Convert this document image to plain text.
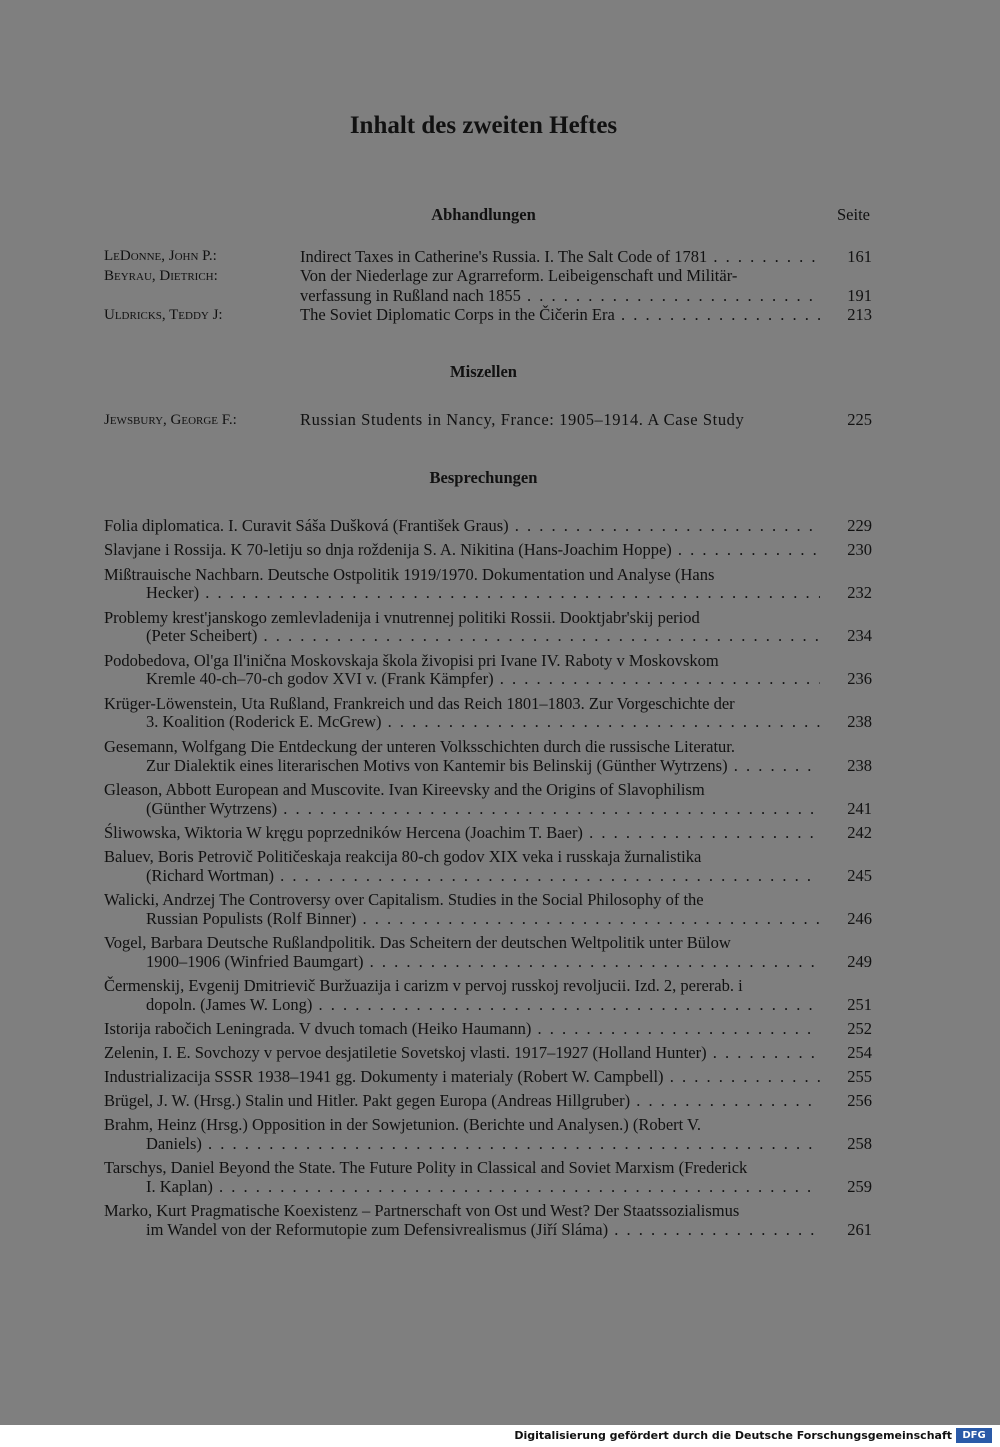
Inhalt des zweiten Heftes
Abhandlungen	Seite
LeDonne, John P.:	Indirect Taxes in Catherine's Russia. I. The Salt Code of 1781 . . .	161
Beyrau, Dietrich:	Von der Niederlage zur Agrarreform. Leibeigenschaft und Militär-
verfassung in Rußland nach 1855 . . .	191
Uldricks, Teddy J:	The Soviet Diplomatic Corps in the Čičerin Era . . .	213
Miszellen
Jewsbury, George F.:	Russian Students in Nancy, France: 1905–1914. A Case Study	225
Besprechungen
Folia diplomatica. I. Curavit Sáša Dušková (František Graus) . . .	229
Slavjane i Rossija. K 70-letiju so dnja roždenija S. A. Nikitina (Hans-Joachim Hoppe) . . .	230
Mißtrauische Nachbarn. Deutsche Ostpolitik 1919/1970. Dokumentation und Analyse (Hans
Hecker) . . .	232
Problemy krest'janskogo zemlevladenija i vnutrennej politiki Rossii. Dooktjabr'skij period
(Peter Scheibert) . . .	234
Podobedova, Ol'ga Il'inična Moskovskaja škola živopisi pri Ivane IV. Raboty v Moskovskom
Kremle 40-ch–70-ch godov XVI v. (Frank Kämpfer) . . .	236
Krüger-Löwenstein, Uta Rußland, Frankreich und das Reich 1801–1803. Zur Vorgeschichte der
3. Koalition (Roderick E. McGrew) . . .	238
Gesemann, Wolfgang Die Entdeckung der unteren Volksschichten durch die russische Literatur.
Zur Dialektik eines literarischen Motivs von Kantemir bis Belinskij (Günther Wytrzens) . . .	238
Gleason, Abbott European and Muscovite. Ivan Kireevsky and the Origins of Slavophilism
(Günther Wytrzens) . . .	241
Śliwowska, Wiktoria W kręgu poprzedników Hercena (Joachim T. Baer) . . .	242
Baluev, Boris Petrovič Političeskaja reakcija 80-ch godov XIX veka i russkaja žurnalistika
(Richard Wortman) . . .	245
Walicki, Andrzej The Controversy over Capitalism. Studies in the Social Philosophy of the
Russian Populists (Rolf Binner) . . .	246
Vogel, Barbara Deutsche Rußlandpolitik. Das Scheitern der deutschen Weltpolitik unter Bülow
1900–1906 (Winfried Baumgart) . . .	249
Čermenskij, Evgenij Dmitrievič Buržuazija i carizm v pervoj russkoj revoljucii. Izd. 2, pererab. i
dopoln. (James W. Long) . . .	251
Istorija rabočich Leningrada. V dvuch tomach (Heiko Haumann) . . .	252
Zelenin, I. E. Sovchozy v pervoe desjatiletie Sovetskoj vlasti. 1917–1927 (Holland Hunter) . . .	254
Industrializacija SSSR 1938–1941 gg. Dokumenty i materialy (Robert W. Campbell) . . .	255
Brügel, J. W. (Hrsg.) Stalin und Hitler. Pakt gegen Europa (Andreas Hillgruber) . . .	256
Brahm, Heinz (Hrsg.) Opposition in der Sowjetunion. (Berichte und Analysen.) (Robert V.
Daniels) . . .	258
Tarschys, Daniel Beyond the State. The Future Polity in Classical and Soviet Marxism (Frederick
I. Kaplan) . . .	259
Marko, Kurt Pragmatische Koexistenz – Partnerschaft von Ost und West? Der Staatssozialismus
im Wandel von der Reformutopie zum Defensivrealismus (Jiří Sláma) . . .	261
Digitalisierung gefördert durch die Deutsche Forschungsgemeinschaft	DFG
